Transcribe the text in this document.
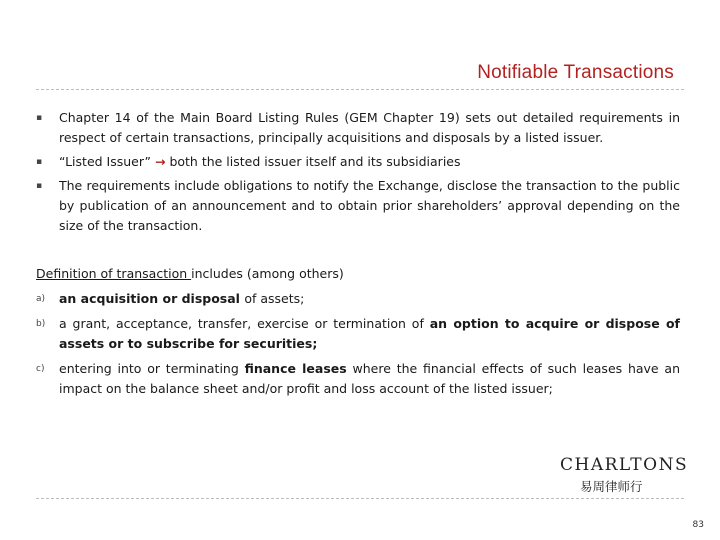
Notifiable Transactions
▪	Chapter 14 of the Main Board Listing Rules (GEM Chapter 19) sets out detailed requirements in respect of certain transactions, principally acquisitions and disposals by a listed issuer.
▪	“Listed Issuer” → both the listed issuer itself and its subsidiaries
▪	The requirements include obligations to notify the Exchange, disclose the transaction to the public by publication of an announcement and to obtain prior shareholders’ approval depending on the size of the transaction.
Definition of transaction includes (among others)
a)	an acquisition or disposal of assets;
b)	a grant, acceptance, transfer, exercise or termination of an option to acquire or dispose of assets or to subscribe for securities;
c)	entering into or terminating finance leases where the financial effects of such leases have an impact on the balance sheet and/or profit and loss account of the listed issuer;
CHARLTONS
易周律师行
83
